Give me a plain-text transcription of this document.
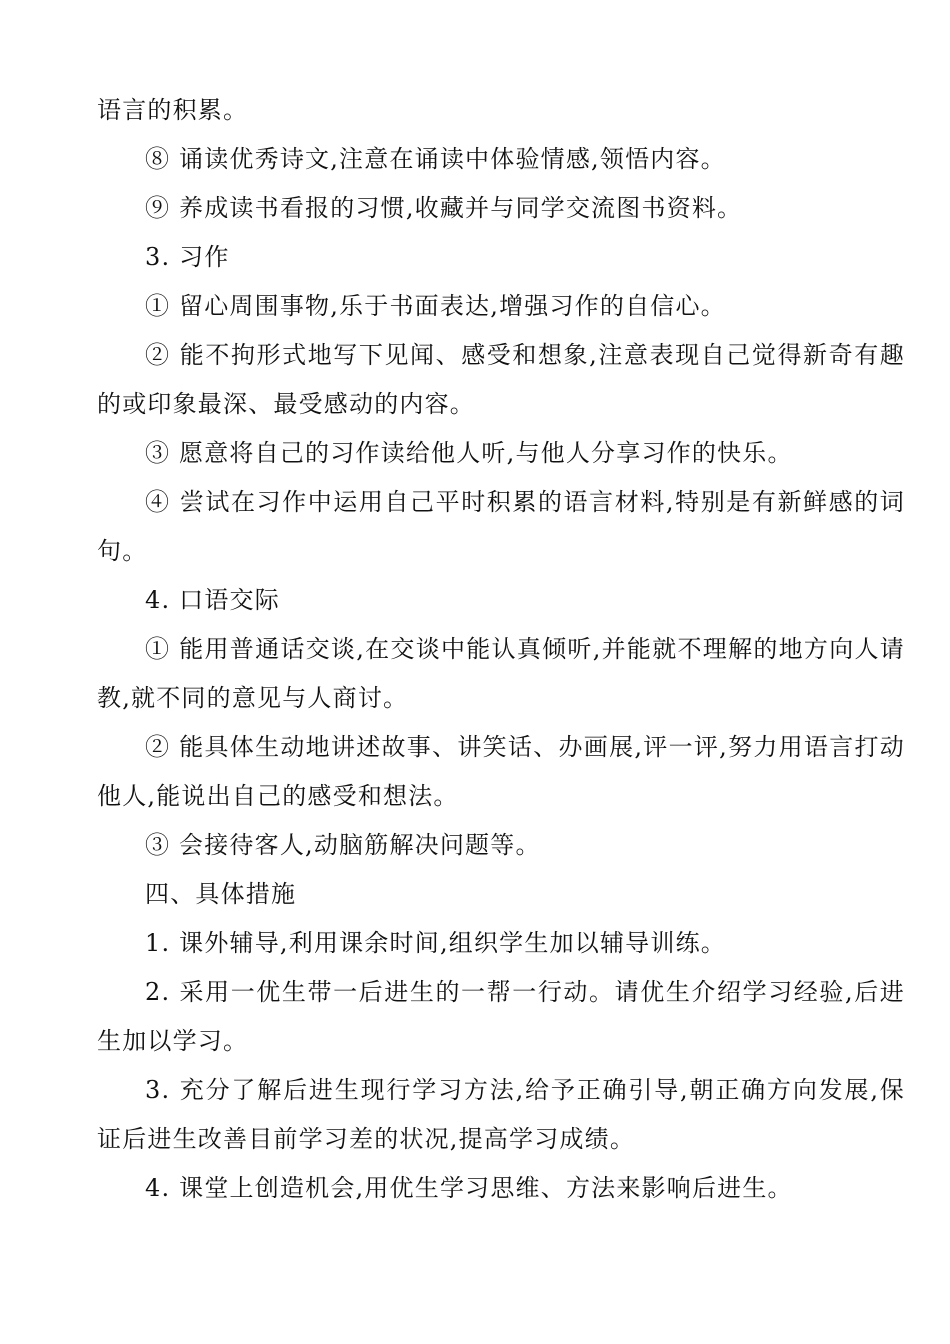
语言的积累。

⑧ 诵读优秀诗文,注意在诵读中体验情感,领悟内容。

⑨ 养成读书看报的习惯,收藏并与同学交流图书资料。

3. 习作

① 留心周围事物,乐于书面表达,增强习作的自信心。

② 能不拘形式地写下见闻、感受和想象,注意表现自己觉得新奇有趣的或印象最深、最受感动的内容。

③ 愿意将自己的习作读给他人听,与他人分享习作的快乐。

④ 尝试在习作中运用自己平时积累的语言材料,特别是有新鲜感的词句。

4. 口语交际

① 能用普通话交谈,在交谈中能认真倾听,并能就不理解的地方向人请教,就不同的意见与人商讨。

② 能具体生动地讲述故事、讲笑话、办画展,评一评,努力用语言打动他人,能说出自己的感受和想法。

③ 会接待客人,动脑筋解决问题等。

四、具体措施

1. 课外辅导,利用课余时间,组织学生加以辅导训练。

2. 采用一优生带一后进生的一帮一行动。请优生介绍学习经验,后进生加以学习。

3. 充分了解后进生现行学习方法,给予正确引导,朝正确方向发展,保证后进生改善目前学习差的状况,提高学习成绩。

4. 课堂上创造机会,用优生学习思维、方法来影响后进生。
